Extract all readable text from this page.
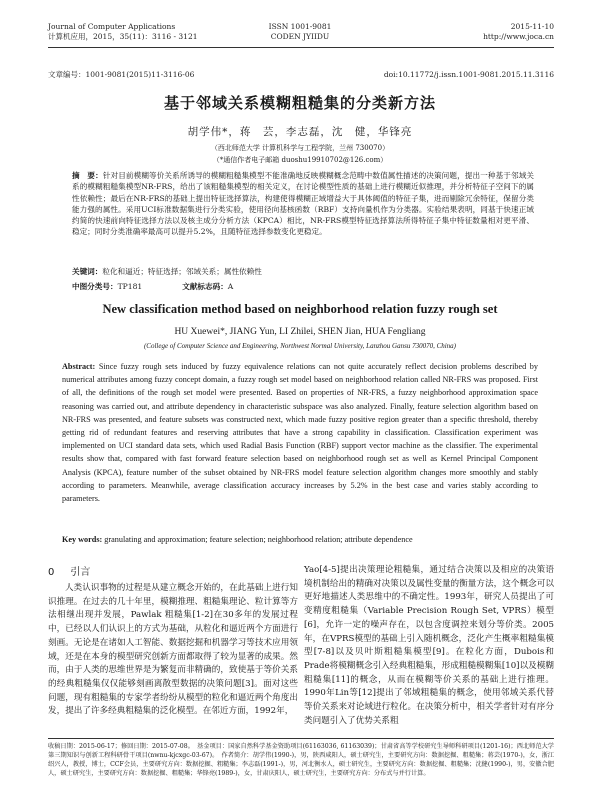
Journal of Computer Applications
计算机应用，2015，35(11)：3116 - 3121
ISSN 1001-9081
CODEN JYIIDU
2015-11-10
http://www.joca.cn
文章编号：1001-9081(2015)11-3116-06	doi:10.11772/j.issn.1001-9081.2015.11.3116
基于邻域关系模糊粗糙集的分类新方法
胡学伟*，蒋　芸，李志磊，沈　健，华锋亮
（西北师范大学 计算机科学与工程学院，兰州 730070）
（*通信作者电子邮箱 duoshu19910702@126.com）
摘　要：针对目前模糊等价关系所诱导的模糊粗糙集模型不能准确地反映模糊概念范畴中数值属性描述的决策问题，提出一种基于邻域关系的模糊粗糙集模型NR-FRS，给出了该粗糙集模型的相关定义，在讨论模型性质的基础上进行模糊近似推理，并分析特征子空间下的属性依赖性；最后在NR-FRS的基础上提出特征选择算法，构建使得模糊正域增益大于具体阈值的特征子集，进而剔除冗余特征，保留分类能力强的属性。采用UCI标准数据集进行分类实验，使用径向基核函数（RBF）支持向量机作为分类器。实验结果表明，同基于快速正域约简的快速前向特征选择方法以及核主成分分析方法（KPCA）相比，NR-FRS模型特征选择算法所得特征子集中特征数量相对更平滑、稳定；同时分类准确率最高可以提升5.2%，且随特征选择参数变化更稳定。
关键词：粒化和逼近；特征选择；邻域关系；属性依赖性
中图分类号：TP181	文献标志码：A
New classification method based on neighborhood relation fuzzy rough set
HU Xuewei*, JIANG Yun, LI Zhilei, SHEN Jian, HUA Fengliang
(College of Computer Science and Engineering, Northwest Normal University, Lanzhou Gansu 730070, China)
Abstract: Since fuzzy rough sets induced by fuzzy equivalence relations can not quite accurately reflect decision problems described by numerical attributes among fuzzy concept domain, a fuzzy rough set model based on neighborhood relation called NR-FRS was proposed. First of all, the definitions of the rough set model were presented. Based on properties of NR-FRS, a fuzzy neighborhood approximation space reasoning was carried out, and attribute dependency in characteristic subspace was also analyzed. Finally, feature selection algorithm based on NR-FRS was presented, and feature subsets was constructed next, which made fuzzy positive region greater than a specific threshold, thereby getting rid of redundant features and reserving attributes that have a strong capability in classification. Classification experiment was implemented on UCI standard data sets, which used Radial Basis Function (RBF) support vector machine as the classifier. The experimental results show that, compared with fast forward feature selection based on neighborhood rough set as well as Kernel Principal Component Analysis (KPCA), feature number of the subset obtained by NR-FRS model feature selection algorithm changes more smoothly and stably according to parameters. Meanwhile, average classification accuracy increases by 5.2% in the best case and varies stably according to parameters.
Key words: granulating and approximation; feature selection; neighborhood relation; attribute dependence
0 引言

人类认识事物的过程是从建立概念开始的，在此基础上进行知识推理。在过去的几十年里，模糊推理、粗糙集理论、粒计算等方法相继出现并发展，Pawlak 粗糙集[1-2]在30多年的发展过程中，已经以人们认识上的方式为基础，从粒化和逼近两个方面进行刻画。无论是在诸如人工智能、数据挖掘和机器学习等技术应用领域，还是在本身的模型研究创新方面都取得了较为显著的成果。然而，由于人类的思维世界是为繁复而非精确的，致使基于等价关系的经典粗糙集仅仅能够刻画离散型数据的决策问题[3]。面对这些问题，现有粗糙集的专家学者纷纷从模型的粒化和逼近两个角度出发，提出了许多经典粗糙集的泛化模型。在邻近方面，1992年，

Yao[4-5]提出决策理论粗糙集，通过结合决策以及相应的决策语境机制给出的精确对决策以及属性变量的衡量方法，这个概念可以更好地描述人类思维中的不确定性。1993年，研究人员提出了可变精度粗糙集（Variable Precision Rough Set, VPRS）模型[6]，允许一定的噪声存在，以包含度调控来划分等价类。2005年，在VPRS模型的基础上引入随机概念，泛化产生概率粗糙集模型[7-8]以及贝叶斯粗糙集模型[9]。在粒化方面，Dubois和Prade将模糊概念引入经典粗糙集，形成粗糙模糊集[10]以及模糊粗糙集[11]的概念，从而在模糊等价关系的基础上进行推理。1990年Lin等[12]提出了邻域粗糙集的概念，使用邻域关系代替等价关系来对论域进行粒化。在决策分析中，相关学者针对有序分类问题引入了优势关系粗

收稿日期：2015-06-17；修回日期：2015-07-08。　基金项目：国家自然科学基金资助项目(61163036, 61163039)；甘肃省高等学校研究生导师科研项目(1201-16)；西北师范大学第三期知识与创新工程科研骨干项目(nwnu-kjcxgc-03-67)。　作者简介：胡学伟(1990-)，男，陕西咸阳人，硕士研究生，主要研究方向：数据挖掘、粗糙集；蒋芸(1970-)，女，浙江绍兴人，教授，博士，CCF会员，主要研究方向：数据挖掘、粗糙集；李志磊(1991-)，男，河北衡水人，硕士研究生，主要研究方向：数据挖掘、粗糙集；沈健(1990-)，男，安徽合肥人，硕士研究生，主要研究方向：数据挖掘、粗糙集；华锋亮(1989-)，女，甘肃庆阳人，硕士研究生，主要研究方向：分布式与并行计算。
